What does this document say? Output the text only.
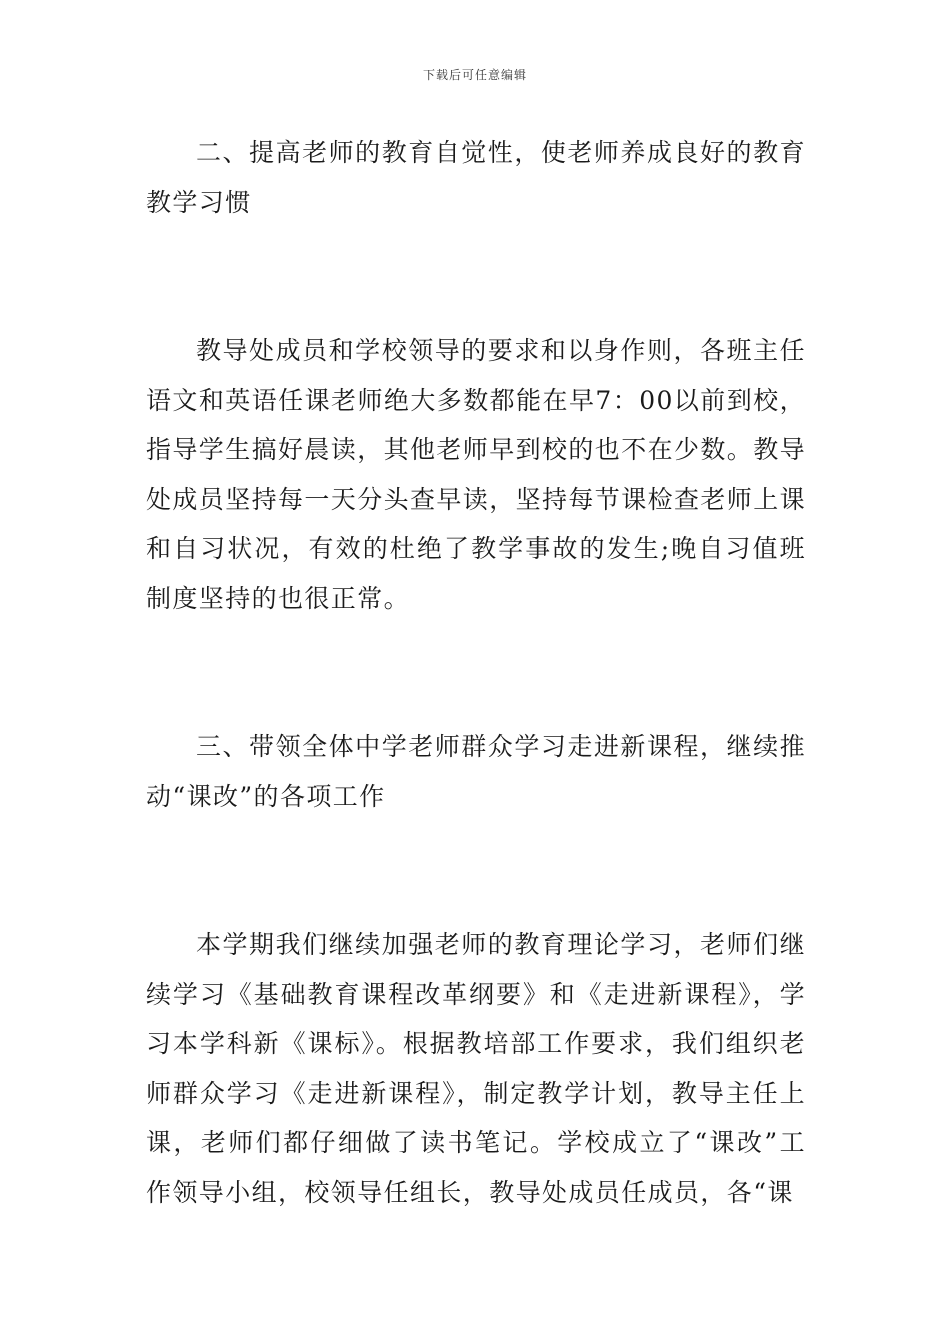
下载后可任意编辑

二、提高老师的教育自觉性，使老师养成良好的教育教学习惯

教导处成员和学校领导的要求和以身作则，各班主任语文和英语任课老师绝大多数都能在早7：00以前到校，指导学生搞好晨读，其他老师早到校的也不在少数。教导处成员坚持每一天分头查早读，坚持每节课检查老师上课和自习状况，有效的杜绝了教学事故的发生;晚自习值班制度坚持的也很正常。

三、带领全体中学老师群众学习走进新课程，继续推动“课改”的各项工作

本学期我们继续加强老师的教育理论学习，老师们继续学习《基础教育课程改革纲要》和《走进新课程》，学习本学科新《课标》。根据教培部工作要求，我们组织老师群众学习《走进新课程》，制定教学计划，教导主任上课，老师们都仔细做了读书笔记。学校成立了“课改”工作领导小组，校领导任组长，教导处成员任成员，各“课
